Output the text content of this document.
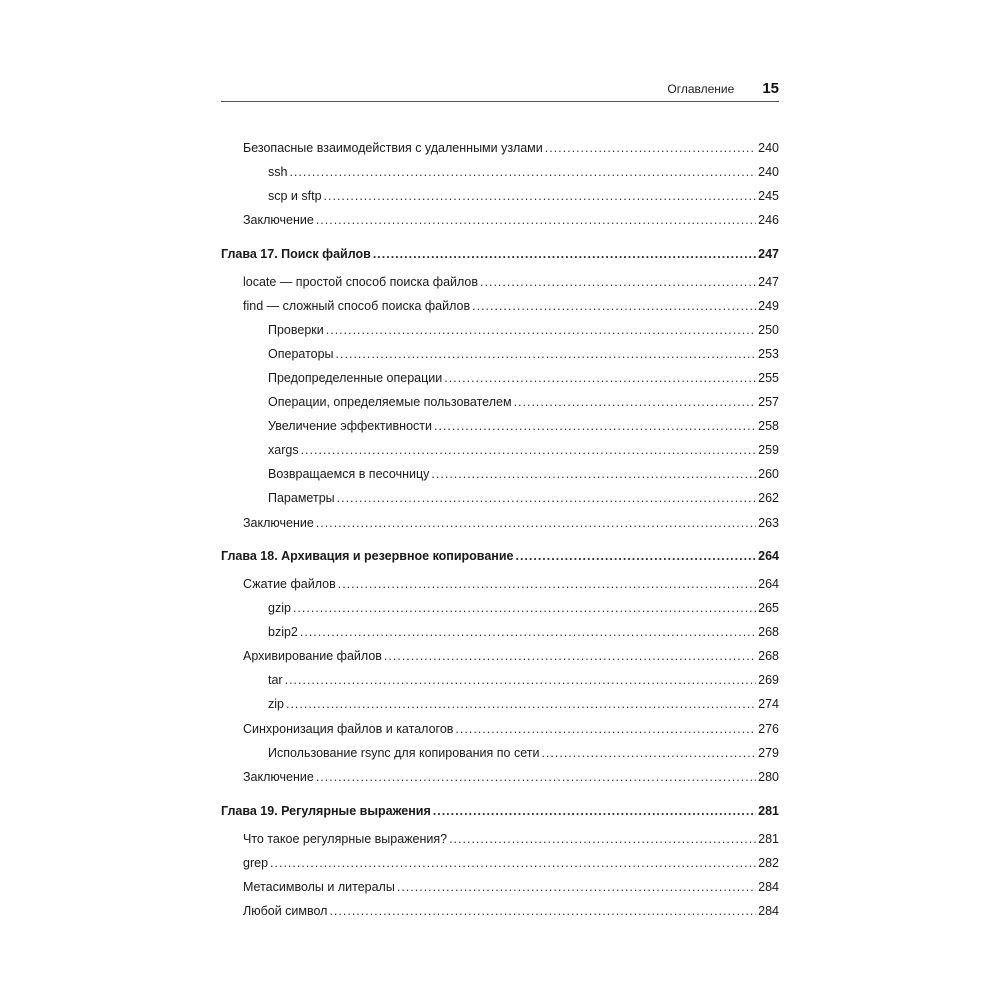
Оглавление 15
Безопасные взаимодействия с удаленными узлами .....	240
ssh .....	240
scp и sftp .....	245
Заключение .....	246
Глава 17. Поиск файлов .....	247
locate — простой способ поиска файлов .....	247
find — сложный способ поиска файлов .....	249
Проверки .....	250
Операторы .....	253
Предопределенные операции .....	255
Операции, определяемые пользователем .....	257
Увеличение эффективности .....	258
xargs .....	259
Возвращаемся в песочницу .....	260
Параметры .....	262
Заключение .....	263
Глава 18. Архивация и резервное копирование .....	264
Сжатие файлов .....	264
gzip .....	265
bzip2 .....	268
Архивирование файлов .....	268
tar .....	269
zip .....	274
Синхронизация файлов и каталогов .....	276
Использование rsync для копирования по сети .....	279
Заключение .....	280
Глава 19. Регулярные выражения .....	281
Что такое регулярные выражения? .....	281
grep .....	282
Метасимволы и литералы .....	284
Любой символ .....	284
